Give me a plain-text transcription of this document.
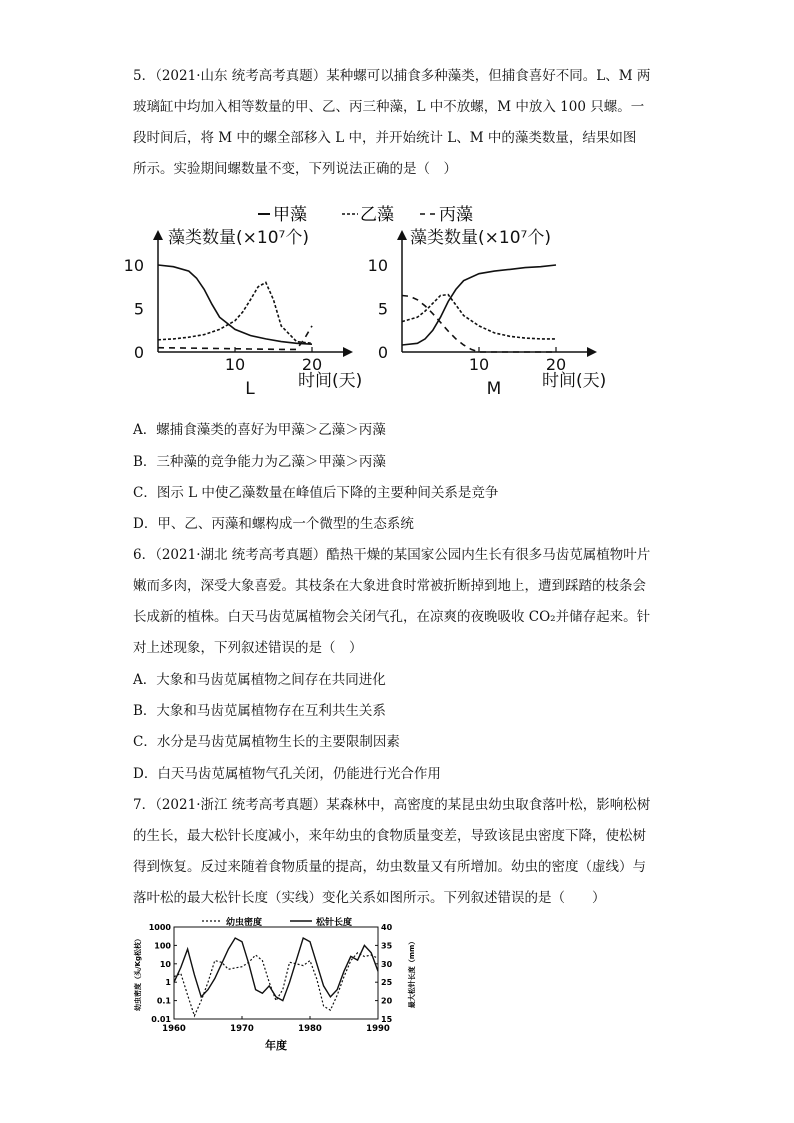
5．（2021·山东 统考高考真题）某种螺可以捕食多种藻类，但捕食喜好不同。L、M 两
玻璃缸中均加入相等数量的甲、乙、丙三种藻，L 中不放螺，M 中放入 100 只螺。一
段时间后，将 M 中的螺全部移入 L 中，并开始统计 L、M 中的藻类数量，结果如图
所示。实验期间螺数量不变，下列说法正确的是（　）
甲藻	乙藻	丙藻
藻类数量(×10⁷个)
10
5
0
10	20
时间(天)
L
藻类数量(×10⁷个)
10
5
0
10	20
时间(天)
M
A．螺捕食藻类的喜好为甲藻＞乙藻＞丙藻
B．三种藻的竞争能力为乙藻＞甲藻＞丙藻
C．图示 L 中使乙藻数量在峰值后下降的主要种间关系是竞争
D．甲、乙、丙藻和螺构成一个微型的生态系统
6．（2021·湖北 统考高考真题）酷热干燥的某国家公园内生长有很多马齿苋属植物叶片
嫩而多肉，深受大象喜爱。其枝条在大象进食时常被折断掉到地上，遭到踩踏的枝条会
长成新的植株。白天马齿苋属植物会关闭气孔，在凉爽的夜晚吸收 CO₂并储存起来。针
对上述现象，下列叙述错误的是（　）
A．大象和马齿苋属植物之间存在共同进化
B．大象和马齿苋属植物存在互利共生关系
C．水分是马齿苋属植物生长的主要限制因素
D．白天马齿苋属植物气孔关闭，仍能进行光合作用
7．（2021·浙江 统考高考真题）某森林中，高密度的某昆虫幼虫取食落叶松，影响松树
的生长，最大松针长度减小，来年幼虫的食物质量变差，导致该昆虫密度下降，使松树
得到恢复。反过来随着食物质量的提高，幼虫数量又有所增加。幼虫的密度（虚线）与
落叶松的最大松针长度（实线）变化关系如图所示。下列叙述错误的是（　　）
幼虫密度	松针长度
1000
100
10
1
0.1
0.01
40
35
30
25
20
15
1960	1970	1980	1990
年度
幼虫密度（头/Kg松枝）	最大松针长度（mm）
